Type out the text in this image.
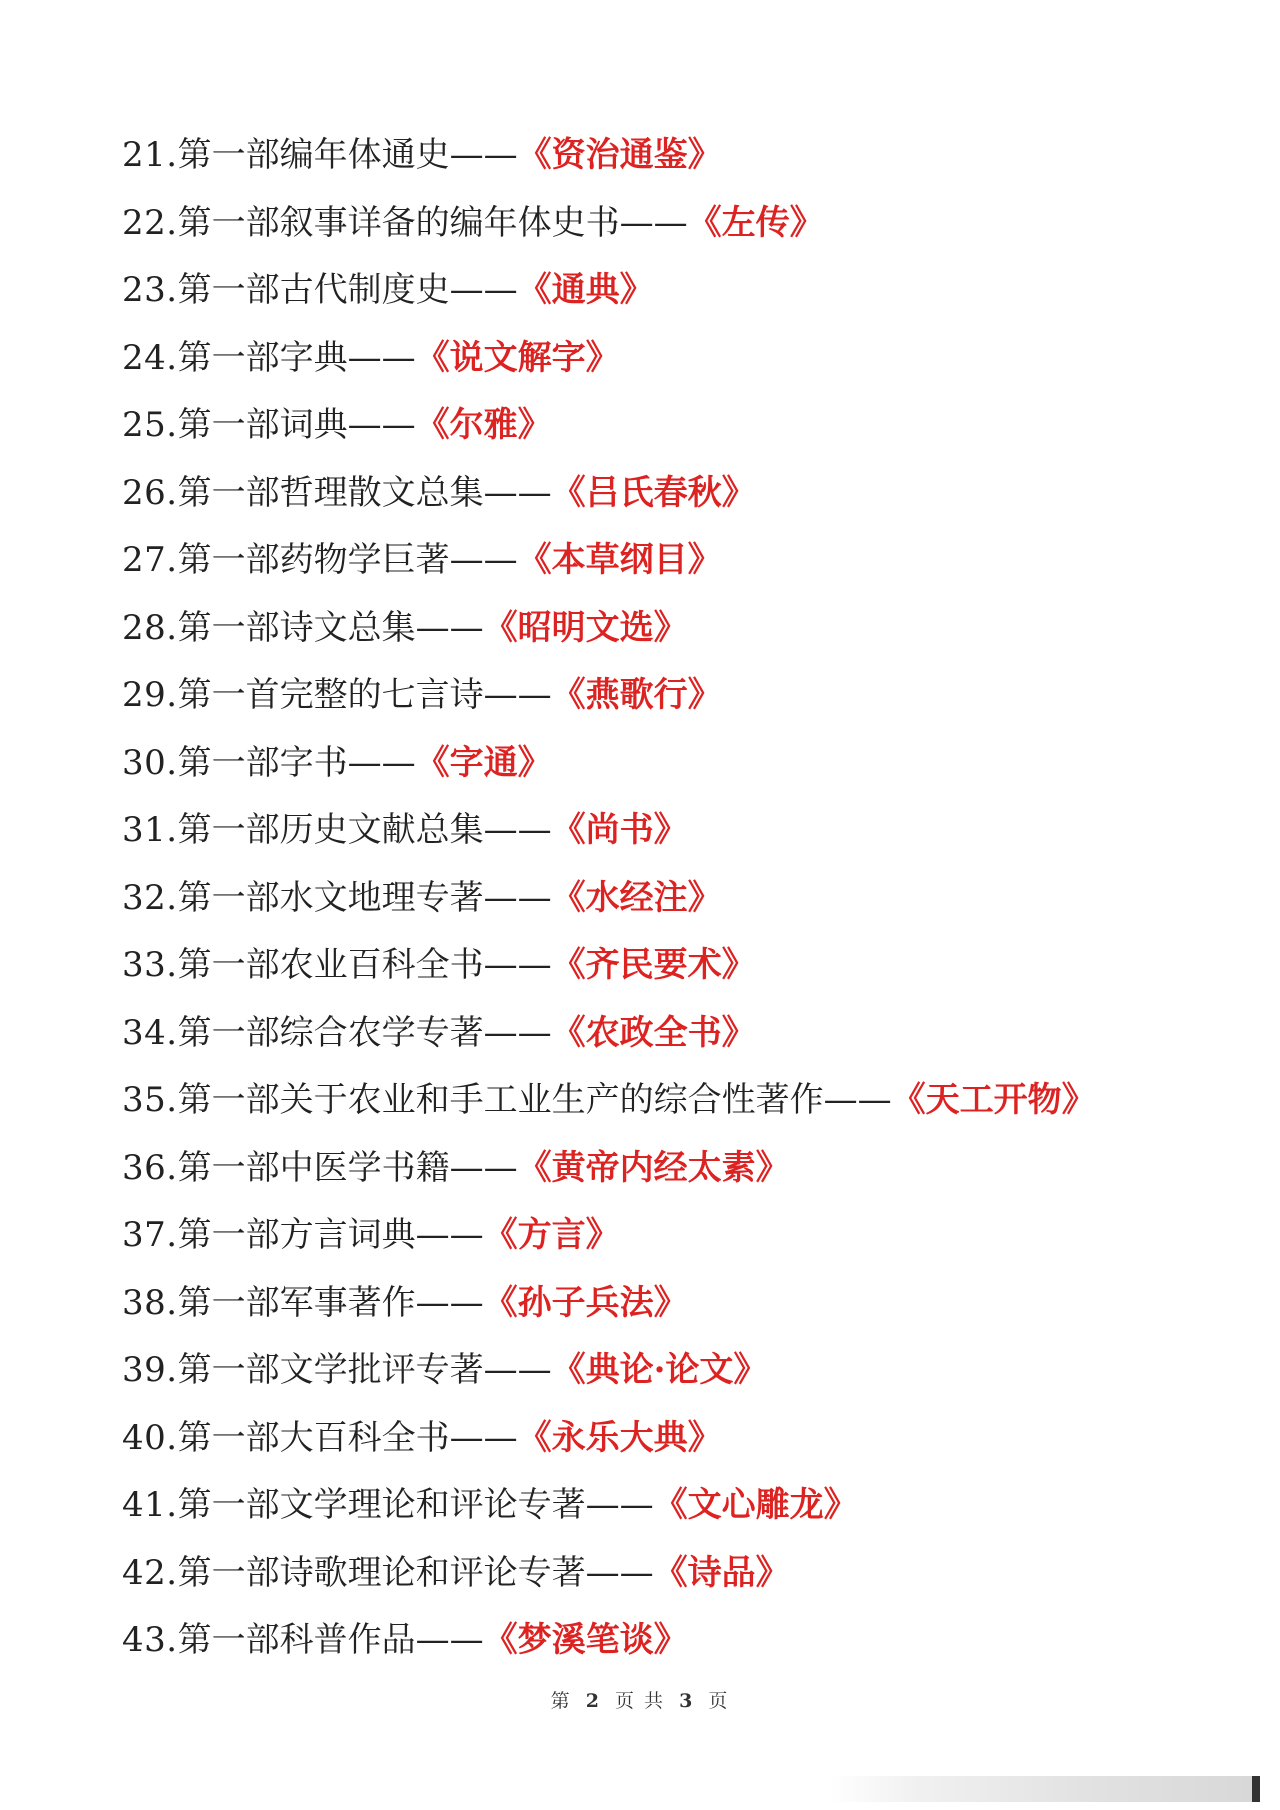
21.第一部编年体通史——《资治通鉴》
22.第一部叙事详备的编年体史书——《左传》
23.第一部古代制度史——《通典》
24.第一部字典——《说文解字》
25.第一部词典——《尔雅》
26.第一部哲理散文总集——《吕氏春秋》
27.第一部药物学巨著——《本草纲目》
28.第一部诗文总集——《昭明文选》
29.第一首完整的七言诗——《燕歌行》
30.第一部字书——《字通》
31.第一部历史文献总集——《尚书》
32.第一部水文地理专著——《水经注》
33.第一部农业百科全书——《齐民要术》
34.第一部综合农学专著——《农政全书》
35.第一部关于农业和手工业生产的综合性著作——《天工开物》
36.第一部中医学书籍——《黄帝内经太素》
37.第一部方言词典——《方言》
38.第一部军事著作——《孙子兵法》
39.第一部文学批评专著——《典论·论文》
40.第一部大百科全书——《永乐大典》
41.第一部文学理论和评论专著——《文心雕龙》
42.第一部诗歌理论和评论专著——《诗品》
43.第一部科普作品——《梦溪笔谈》
第 2 页 共 3 页
